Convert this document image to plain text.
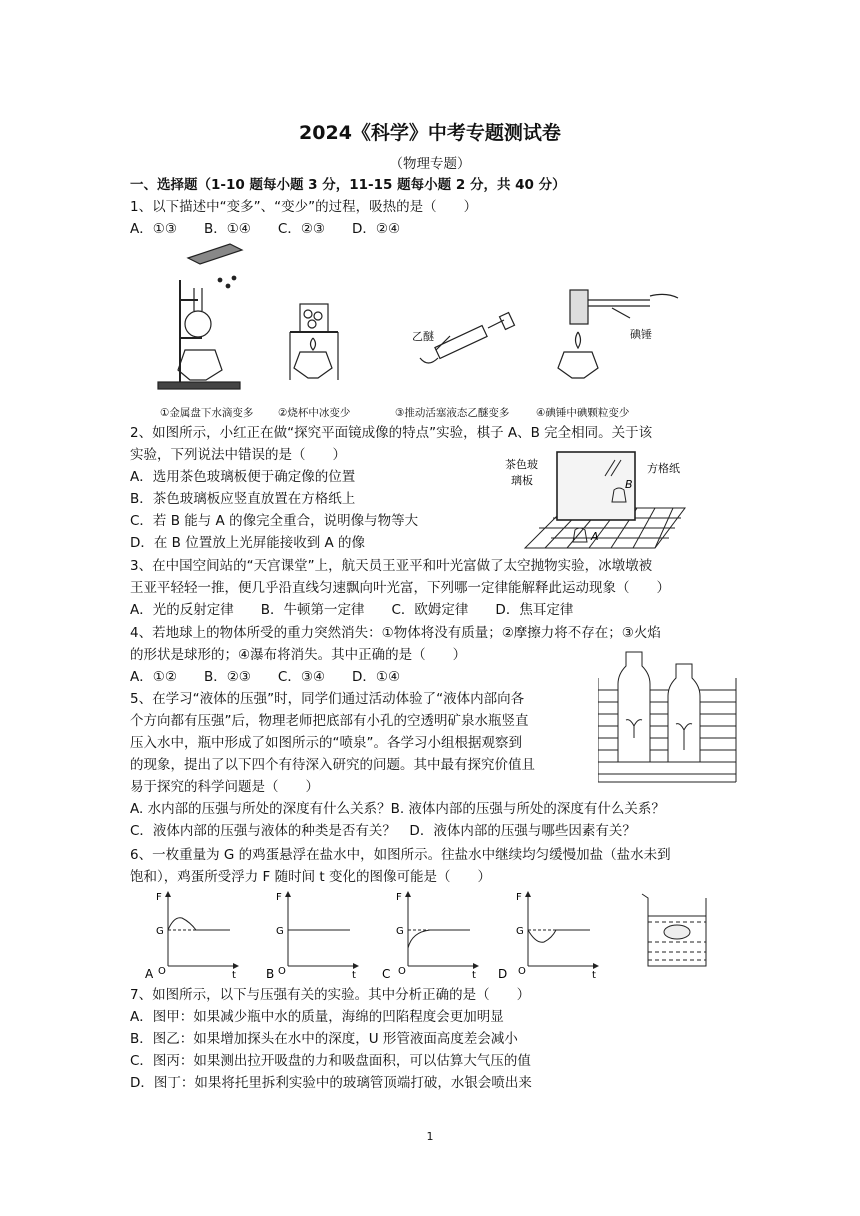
2024《科学》中考专题测试卷
（物理专题）
一、选择题（1-10 题每小题 3 分，11-15 题每小题 2 分，共 40 分）
1、以下描述中“变多”、“变少”的过程，吸热的是（　　）
A．①③　　B．①④　　C．②③　　D．②④
乙醚	碘锤
①金属盘下水滴变多 ②烧杯中冰变少	③推动活塞液态乙醚变多	④碘锤中碘颗粒变少
2、如图所示，小红正在做“探究平面镜成像的特点”实验，棋子 A、B 完全相同。关于该
实验，下列说法中错误的是（　　）
A．选用茶色玻璃板便于确定像的位置
B．茶色玻璃板应竖直放置在方格纸上
C．若 B 能与 A 的像完全重合，说明像与物等大
D．在 B 位置放上光屏能接收到 A 的像
B
A
茶色玻
璃板
方格纸
3、在中国空间站的“天宫课堂”上，航天员王亚平和叶光富做了太空抛物实验，冰墩墩被
王亚平轻轻一推，便几乎沿直线匀速飘向叶光富，下列哪一定律能解释此运动现象（　　）
A．光的反射定律　　B．牛顿第一定律　　C．欧姆定律　　D．焦耳定律
4、若地球上的物体所受的重力突然消失：①物体将没有质量；②摩擦力将不存在；③火焰
的形状是球形的；④瀑布将消失。其中正确的是（　　）
A．①②　　B．②③　　C．③④　　D．①④
5、在学习“液体的压强”时，同学们通过活动体验了“液体内部向各
个方向都有压强”后，物理老师把底部有小孔的空透明矿泉水瓶竖直
压入水中，瓶中形成了如图所示的“喷泉”。各学习小组根据观察到
的现象，提出了以下四个有待深入研究的问题。其中最有探究价值且
易于探究的科学问题是（　　）
A. 水内部的压强与所处的深度有什么关系？B. 液体内部的压强与所处的深度有什么关系？
C．液体内部的压强与液体的种类是否有关？　D．液体内部的压强与哪些因素有关？
6、一枚重量为 G 的鸡蛋悬浮在盐水中，如图所示。往盐水中继续均匀缓慢加盐（盐水未到
饱和），鸡蛋所受浮力 F 随时间 t 变化的图像可能是（　　）
F
G
O	t
A
F
G
O	t
B
F
G
O	t
C
F
G
O	t
D
7、如图所示，以下与压强有关的实验。其中分析正确的是（　　）
A．图甲：如果减少瓶中水的质量，海绵的凹陷程度会更加明显
B．图乙：如果增加探头在水中的深度，U 形管液面高度差会减小
C．图丙：如果测出拉开吸盘的力和吸盘面积，可以估算大气压的值
D．图丁：如果将托里拆利实验中的玻璃管顶端打破，水银会喷出来
1
